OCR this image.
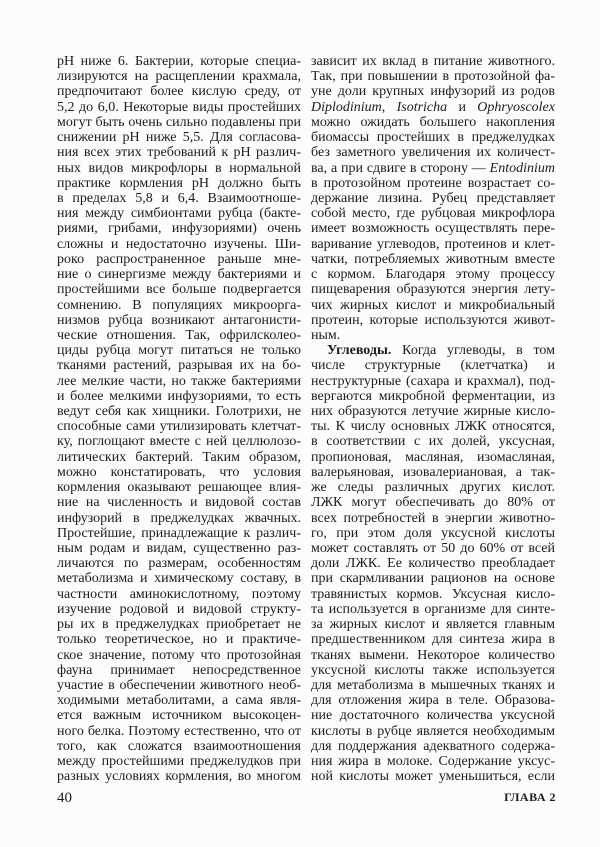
pH ниже 6. Бактерии, которые специа-
лизируются на расщеплении крахмала,
предпочитают более кислую среду, от
5,2 до 6,0. Некоторые виды простейших
могут быть очень сильно подавлены при
снижении pH ниже 5,5. Для согласова-
ния всех этих требований к pH различ-
ных видов микрофлоры в нормальной
практике кормления pH должно быть
в пределах 5,8 и 6,4. Взаимоотноше-
ния между симбионтами рубца (бакте-
риями, грибами, инфузориями) очень
сложны и недостаточно изучены. Ши-
роко распространенное раньше мне-
ние о синергизме между бактериями и
простейшими все больше подвергается
сомнению. В популяциях микроорга-
низмов рубца возникают антагонисти-
ческие отношения. Так, офрилсколео-
циды рубца могут питаться не только
тканями растений, разрывая их на бо-
лее мелкие части, но также бактериями
и более мелкими инфузориями, то есть
ведут себя как хищники. Голотрихи, не
способные сами утилизировать клетчат-
ку, поглощают вместе с ней целлюлозо-
литических бактерий. Таким образом,
можно констатировать, что условия
кормления оказывают решающее влия-
ние на численность и видовой состав
инфузорий в преджелудках жвачных.
Простейшие, принадлежащие к различ-
ным родам и видам, существенно раз-
личаются по размерам, особенностям
метаболизма и химическому составу, в
частности аминокислотному, поэтому
изучение родовой и видовой структу-
ры их в преджелудках приобретает не
только теоретическое, но и практиче-
ское значение, потому что протозойная
фауна принимает непосредственное
участие в обеспечении животного необ-
ходимыми метаболитами, а сама явля-
ется важным источником высокоцен-
ного белка. Поэтому естественно, что от
того, как сложатся взаимоотношения
между простейшими преджелудков при
разных условиях кормления, во многом
зависит их вклад в питание животного.
Так, при повышении в протозойной фа-
уне доли крупных инфузорий из родов
Diplodinium, Isotricha и Ophryoscolex
можно ожидать большего накопления
биомассы простейших в преджелудках
без заметного увеличения их количест-
ва, а при сдвиге в сторону — Entodinium
в протозойном протеине возрастает со-
держание лизина. Рубец представляет
собой место, где рубцовая микрофлора
имеет возможность осуществлять пере-
варивание углеводов, протеинов и клет-
чатки, потребляемых животным вместе
с кормом. Благодаря этому процессу
пищеварения образуются энергия лету-
чих жирных кислот и микробиальный
протеин, которые используются живот-
ным.
Углеводы. Когда углеводы, в том
числе структурные (клетчатка) и
неструктурные (сахара и крахмал), под-
вергаются микробной ферментации, из
них образуются летучие жирные кисло-
ты. К числу основных ЛЖК относятся,
в соответствии с их долей, уксусная,
пропионовая, масляная, изомасляная,
валерьяновая, изовалериановая, а так-
же следы различных других кислот.
ЛЖК могут обеспечивать до 80% от
всех потребностей в энергии животно-
го, при этом доля уксусной кислоты
может составлять от 50 до 60% от всей
доли ЛЖК. Ее количество преобладает
при скармливании рационов на основе
травянистых кормов. Уксусная кисло-
та используется в организме для синте-
за жирных кислот и является главным
предшественником для синтеза жира в
тканях вымени. Некоторое количество
уксусной кислоты также используется
для метаболизма в мышечных тканях и
для отложения жира в теле. Образова-
ние достаточного количества уксусной
кислоты в рубце является необходимым
для поддержания адекватного содержа-
ния жира в молоке. Содержание уксус-
ной кислоты может уменьшиться, если
40	ГЛАВА 2
